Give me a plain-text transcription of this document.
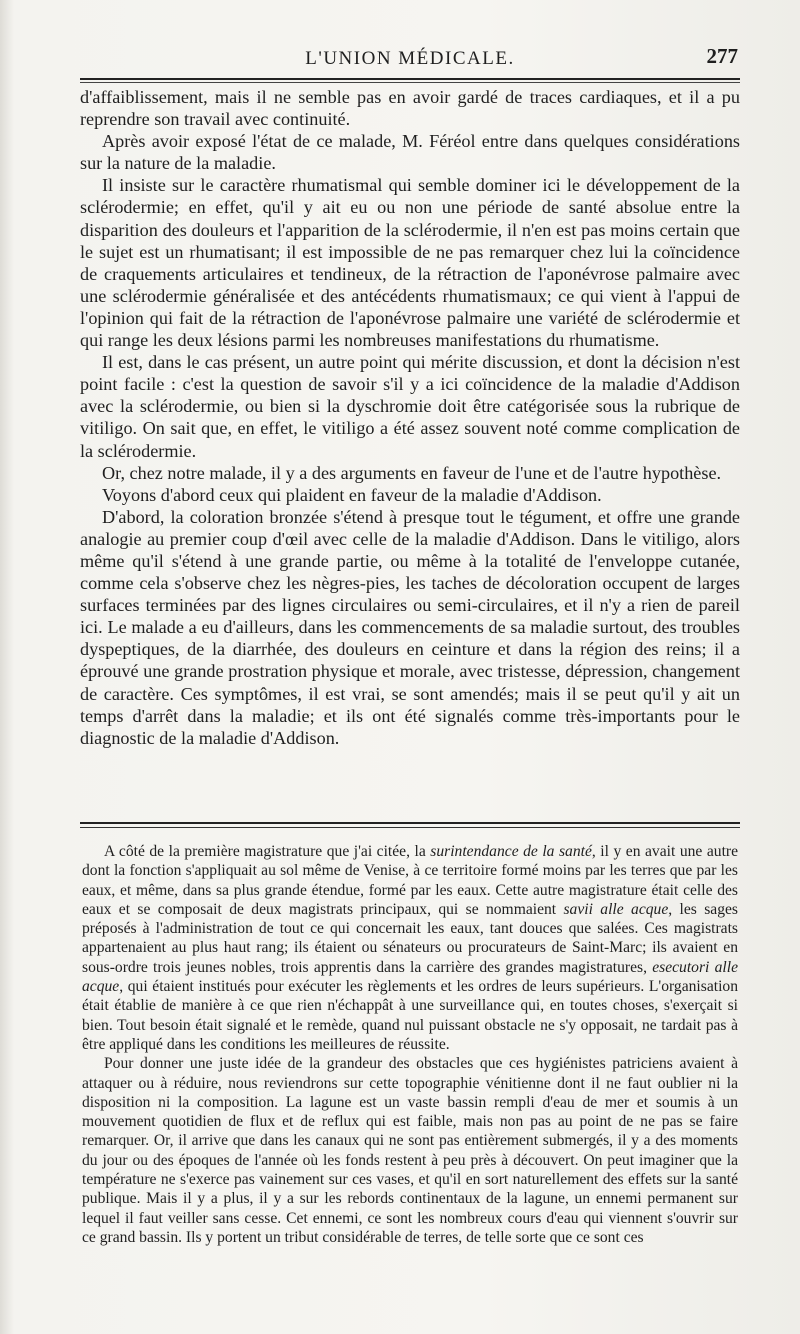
L'UNION MÉDICALE.	277

d'affaiblissement, mais il ne semble pas en avoir gardé de traces cardiaques, et il a pu reprendre son travail avec continuité.

Après avoir exposé l'état de ce malade, M. Féréol entre dans quelques considérations sur la nature de la maladie.

Il insiste sur le caractère rhumatismal qui semble dominer ici le développement de la sclérodermie; en effet, qu'il y ait eu ou non une période de santé absolue entre la disparition des douleurs et l'apparition de la sclérodermie, il n'en est pas moins certain que le sujet est un rhumatisant; il est impossible de ne pas remarquer chez lui la coïncidence de craquements articulaires et tendineux, de la rétraction de l'aponévrose palmaire avec une sclérodermie généralisée et des antécédents rhumatismaux; ce qui vient à l'appui de l'opinion qui fait de la rétraction de l'aponévrose palmaire une variété de sclérodermie et qui range les deux lésions parmi les nombreuses manifestations du rhumatisme.

Il est, dans le cas présent, un autre point qui mérite discussion, et dont la décision n'est point facile : c'est la question de savoir s'il y a ici coïncidence de la maladie d'Addison avec la sclérodermie, ou bien si la dyschromie doit être catégorisée sous la rubrique de vitiligo. On sait que, en effet, le vitiligo a été assez souvent noté comme complication de la sclérodermie.

Or, chez notre malade, il y a des arguments en faveur de l'une et de l'autre hypothèse.

Voyons d'abord ceux qui plaident en faveur de la maladie d'Addison.

D'abord, la coloration bronzée s'étend à presque tout le tégument, et offre une grande analogie au premier coup d'œil avec celle de la maladie d'Addison. Dans le vitiligo, alors même qu'il s'étend à une grande partie, ou même à la totalité de l'enveloppe cutanée, comme cela s'observe chez les nègres-pies, les taches de décoloration occupent de larges surfaces terminées par des lignes circulaires ou semi-circulaires, et il n'y a rien de pareil ici. Le malade a eu d'ailleurs, dans les commencements de sa maladie surtout, des troubles dyspeptiques, de la diarrhée, des douleurs en ceinture et dans la région des reins; il a éprouvé une grande prostration physique et morale, avec tristesse, dépression, changement de caractère. Ces symptômes, il est vrai, se sont amendés; mais il se peut qu'il y ait un temps d'arrêt dans la maladie; et ils ont été signalés comme très-importants pour le diagnostic de la maladie d'Addison.

A côté de la première magistrature que j'ai citée, la surintendance de la santé, il y en avait une autre dont la fonction s'appliquait au sol même de Venise, à ce territoire formé moins par les terres que par les eaux, et même, dans sa plus grande étendue, formé par les eaux. Cette autre magistrature était celle des eaux et se composait de deux magistrats principaux, qui se nommaient savii alle acque, les sages préposés à l'administration de tout ce qui concernait les eaux, tant douces que salées. Ces magistrats appartenaient au plus haut rang; ils étaient ou sénateurs ou procurateurs de Saint-Marc; ils avaient en sous-ordre trois jeunes nobles, trois apprentis dans la carrière des grandes magistratures, esecutori alle acque, qui étaient institués pour exécuter les règlements et les ordres de leurs supérieurs. L'organisation était établie de manière à ce que rien n'échappât à une surveillance qui, en toutes choses, s'exerçait si bien. Tout besoin était signalé et le remède, quand nul puissant obstacle ne s'y opposait, ne tardait pas à être appliqué dans les conditions les meilleures de réussite.

Pour donner une juste idée de la grandeur des obstacles que ces hygiénistes patriciens avaient à attaquer ou à réduire, nous reviendrons sur cette topographie vénitienne dont il ne faut oublier ni la disposition ni la composition. La lagune est un vaste bassin rempli d'eau de mer et soumis à un mouvement quotidien de flux et de reflux qui est faible, mais non pas au point de ne pas se faire remarquer. Or, il arrive que dans les canaux qui ne sont pas entièrement submergés, il y a des moments du jour ou des époques de l'année où les fonds restent à peu près à découvert. On peut imaginer que la température ne s'exerce pas vainement sur ces vases, et qu'il en sort naturellement des effets sur la santé publique. Mais il y a plus, il y a sur les rebords continentaux de la lagune, un ennemi permanent sur lequel il faut veiller sans cesse. Cet ennemi, ce sont les nombreux cours d'eau qui viennent s'ouvrir sur ce grand bassin. Ils y portent un tribut considérable de terres, de telle sorte que ce sont ces
